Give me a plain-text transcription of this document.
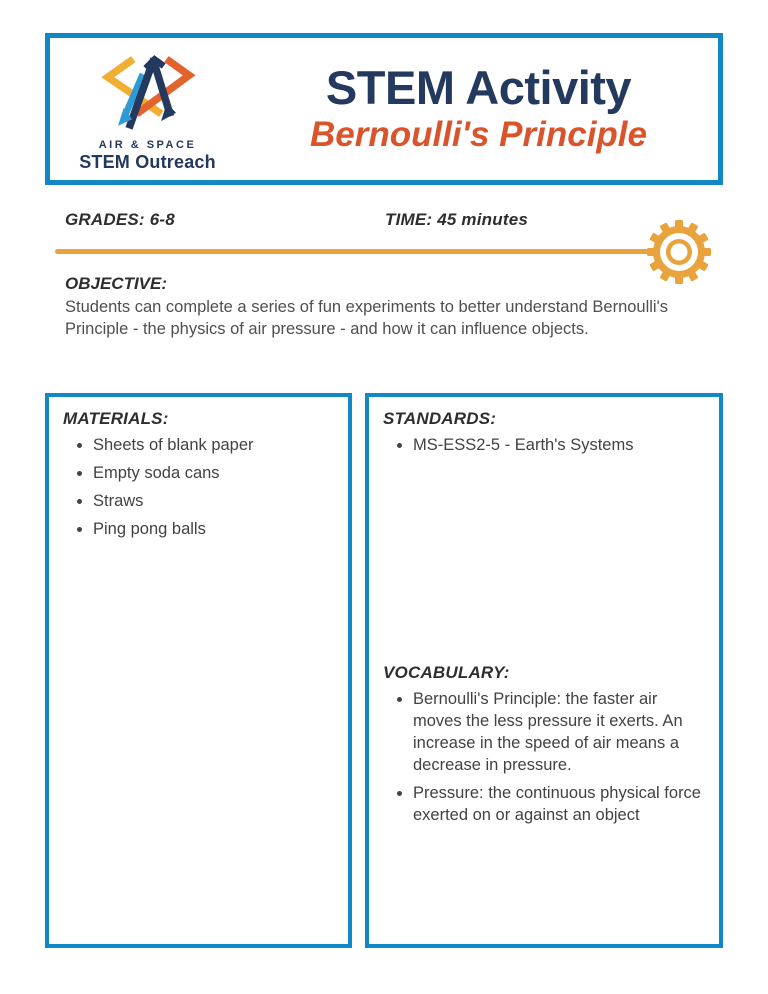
AIR & SPACE
STEM Outreach
STEM Activity
Bernoulli's Principle
GRADES: 6-8	TIME: 45 minutes
OBJECTIVE:
Students can complete a series of fun experiments to better understand Bernoulli's Principle - the physics of air pressure - and how it can influence objects.
MATERIALS:
• Sheets of blank paper
• Empty soda cans
• Straws
• Ping pong balls
STANDARDS:
• MS-ESS2-5 - Earth's Systems
VOCABULARY:
• Bernoulli's Principle: the faster air moves the less pressure it exerts. An increase in the speed of air means a decrease in pressure.
• Pressure: the continuous physical force exerted on or against an object
